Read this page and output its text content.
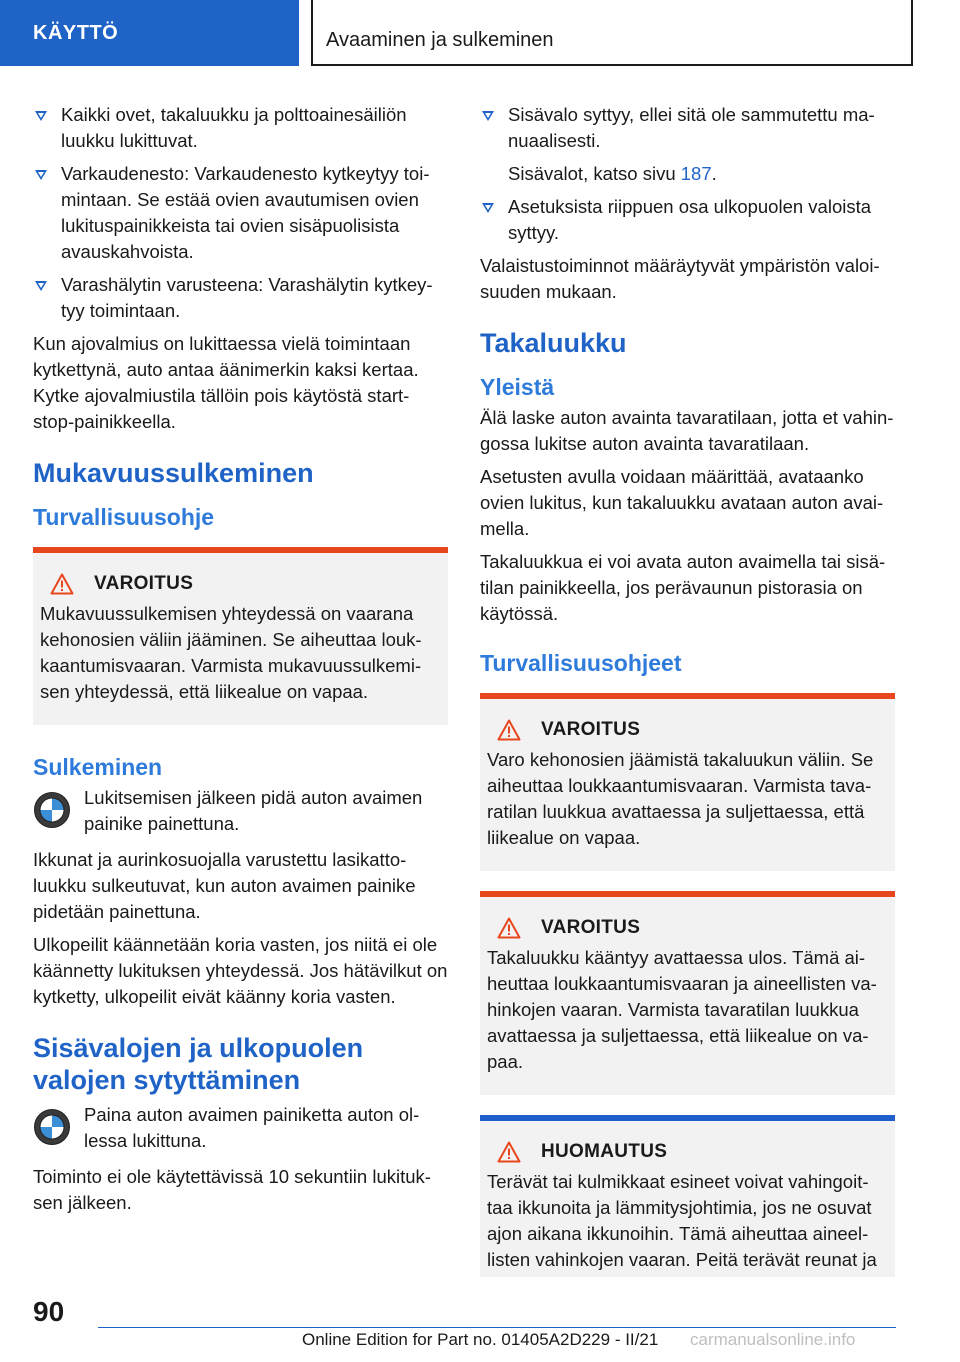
KÄYTTÖ	Avaaminen ja sulkeminen
Kaikki ovet, takaluukku ja polttoainesäiliön luukku lukittuvat.
Varkaudenesto: Varkaudenesto kytkeytyy toimintaan. Se estää ovien avautumisen ovien lukituspainikkeista tai ovien sisäpuolisista avauskahvoista.
Varashälytin varusteena: Varashälytin kytkeytyy toimintaan.

Kun ajovalmius on lukittaessa vielä toimintaan kytkettynä, auto antaa äänimerkin kaksi kertaa. Kytke ajovalmiustila tällöin pois käytöstä start-stop-painikkeella.

Mukavuussulkeminen
Turvallisuusohje
VAROITUS

Mukavuussulkemisen yhteydessä on vaarana kehonosien väliin jääminen. Se aiheuttaa loukkaantumisvaaran. Varmista mukavuussulkemisen yhteydessä, että liikealue on vapaa.

Sulkeminen

Lukitsemisen jälkeen pidä auton avaimen painike painettuna.

Ikkunat ja aurinkosuojalla varustettu lasikattoluukku sulkeutuvat, kun auton avaimen painike pidetään painettuna.

Ulkopeilit käännetään koria vasten, jos niitä ei ole käännetty lukituksen yhteydessä. Jos hätävilkut on kytketty, ulkopeilit eivät käänny koria vasten.

Sisävalojen ja ulkopuolen valojen sytyttäminen

Paina auton avaimen painiketta auton ollessa lukittuna.

Toiminto ei ole käytettävissä 10 sekuntiin lukituksen jälkeen.

Sisävalo syttyy, ellei sitä ole sammutettu manuaalisesti.

Sisävalot, katso sivu 187.

Asetuksista riippuen osa ulkopuolen valoista syttyy.

Valaistustoiminnot määräytyvät ympäristön valoisuuden mukaan.

Takaluukku
Yleistä

Älä laske auton avainta tavaratilaan, jotta et vahingossa lukitse auton avainta tavaratilaan.

Asetusten avulla voidaan määrittää, avataanko ovien lukitus, kun takaluukku avataan auton avaimella.

Takaluukkua ei voi avata auton avaimella tai sisätilan painikkeella, jos perävaunun pistorasia on käytössä.

Turvallisuusohjeet
VAROITUS

Varo kehonosien jäämistä takaluukun väliin. Se aiheuttaa loukkaantumisvaaran. Varmista tavaratilan luukkua avattaessa ja suljettaessa, että liikealue on vapaa.

VAROITUS

Takaluukku kääntyy avattaessa ulos. Tämä aiheuttaa loukkaantumisvaaran ja aineellisten vahinkojen vaaran. Varmista tavaratilan luukkua avattaessa ja suljettaessa, että liikealue on vapaa.

HUOMAUTUS

Terävät tai kulmikkaat esineet voivat vahingoittaa ikkunoita ja lämmitysjohtimia, jos ne osuvat ajon aikana ikkunoihin. Tämä aiheuttaa aineellisten vahinkojen vaaran. Peitä terävät reunat ja

90
Online Edition for Part no. 01405A2D229 - II/21 carmanualsonline.info
